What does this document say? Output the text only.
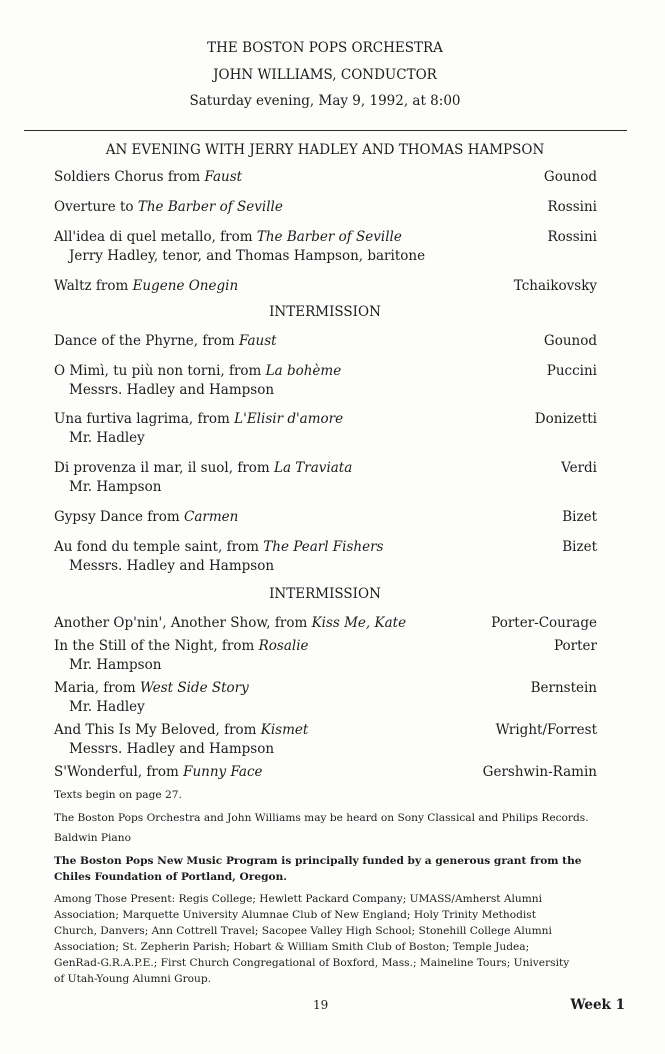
THE BOSTON POPS ORCHESTRA
JOHN WILLIAMS, CONDUCTOR
Saturday evening, May 9, 1992, at 8:00
AN EVENING WITH JERRY HADLEY AND THOMAS HAMPSON
Soldiers Chorus from Faust	Gounod
Overture to The Barber of Seville	Rossini
All'idea di quel metallo, from The Barber of Seville	Rossini
Jerry Hadley, tenor, and Thomas Hampson, baritone
Waltz from Eugene Onegin	Tchaikovsky
INTERMISSION
Dance of the Phyrne, from Faust	Gounod
O Mimì, tu più non torni, from La bohème	Puccini
Messrs. Hadley and Hampson
Una furtiva lagrima, from L'Elisir d'amore	Donizetti
Mr. Hadley
Di provenza il mar, il suol, from La Traviata	Verdi
Mr. Hampson
Gypsy Dance from Carmen	Bizet
Au fond du temple saint, from The Pearl Fishers	Bizet
Messrs. Hadley and Hampson
INTERMISSION
Another Op'nin', Another Show, from Kiss Me, Kate	Porter-Courage
In the Still of the Night, from Rosalie	Porter
Mr. Hampson
Maria, from West Side Story	Bernstein
Mr. Hadley
And This Is My Beloved, from Kismet	Wright/Forrest
Messrs. Hadley and Hampson
S'Wonderful, from Funny Face	Gershwin-Ramin
Texts begin on page 27.
The Boston Pops Orchestra and John Williams may be heard on Sony Classical and Philips Records.
Baldwin Piano
The Boston Pops New Music Program is principally funded by a generous grant from the
Chiles Foundation of Portland, Oregon.
Among Those Present: Regis College; Hewlett Packard Company; UMASS/Amherst Alumni
Association; Marquette University Alumnae Club of New England; Holy Trinity Methodist
Church, Danvers; Ann Cottrell Travel; Sacopee Valley High School; Stonehill College Alumni
Association; St. Zepherin Parish; Hobart & William Smith Club of Boston; Temple Judea;
GenRad-G.R.A.P.E.; First Church Congregational of Boxford, Mass.; Maineline Tours; University
of Utah-Young Alumni Group.
19	Week 1
